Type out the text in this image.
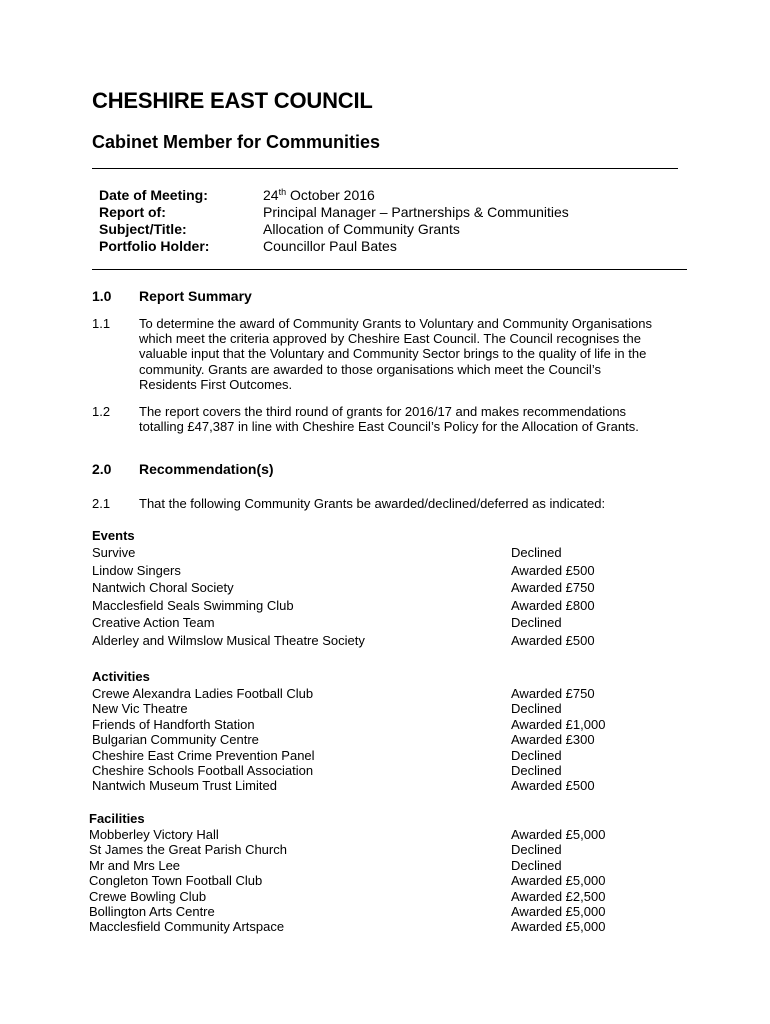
CHESHIRE EAST COUNCIL
Cabinet Member for Communities
Date of Meeting:	24th October 2016
Report of:	Principal Manager – Partnerships & Communities
Subject/Title:	Allocation of Community Grants
Portfolio Holder:	Councillor Paul Bates
1.0 Report Summary
1.1 To determine the award of Community Grants to Voluntary and Community Organisations which meet the criteria approved by Cheshire East Council. The Council recognises the valuable input that the Voluntary and Community Sector brings to the quality of life in the community. Grants are awarded to those organisations which meet the Council’s Residents First Outcomes.
1.2 The report covers the third round of grants for 2016/17 and makes recommendations totalling £47,387 in line with Cheshire East Council’s Policy for the Allocation of Grants.
2.0 Recommendation(s)
2.1 That the following Community Grants be awarded/declined/deferred as indicated:
Events
Survive	Declined
Lindow Singers	Awarded £500
Nantwich Choral Society	Awarded £750
Macclesfield Seals Swimming Club	Awarded £800
Creative Action Team	Declined
Alderley and Wilmslow Musical Theatre Society	Awarded £500
Activities
Crewe Alexandra Ladies Football Club	Awarded £750
New Vic Theatre	Declined
Friends of Handforth Station	Awarded £1,000
Bulgarian Community Centre	Awarded £300
Cheshire East Crime Prevention Panel	Declined
Cheshire Schools Football Association	Declined
Nantwich Museum Trust Limited	Awarded £500
Facilities
Mobberley Victory Hall	Awarded £5,000
St James the Great Parish Church	Declined
Mr and Mrs Lee	Declined
Congleton Town Football Club	Awarded £5,000
Crewe Bowling Club	Awarded £2,500
Bollington Arts Centre	Awarded £5,000
Macclesfield Community Artspace	Awarded £5,000
